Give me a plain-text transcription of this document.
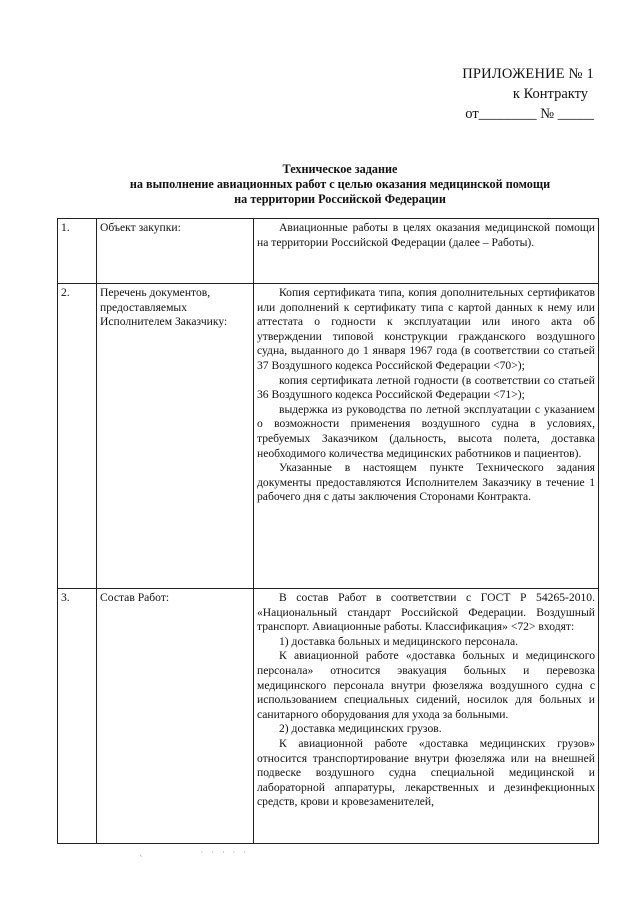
ПРИЛОЖЕНИЕ № 1
к Контракту
от________ № _____
Техническое задание
на выполнение авиационных работ с целью оказания медицинской помощи
на территории Российской Федерации
1.	Объект закупки:	Авиационные работы в целях оказания медицинской помощи на территории Российской Федерации (далее – Работы).

2.	Перечень документов, предоставляемых Исполнителем Заказчику:	Копия сертификата типа, копия дополнительных сертификатов или дополнений к сертификату типа с картой данных к нему или аттестата о годности к эксплуатации или иного акта об утверждении типовой конструкции гражданского воздушного судна, выданного до 1 января 1967 года (в соответствии со статьей 37 Воздушного кодекса Российской Федерации <70>);

копия сертификата летной годности (в соответствии со статьей 36 Воздушного кодекса Российской Федерации <71>);

выдержка из руководства по летной эксплуатации с указанием о возможности применения воздушного судна в условиях, требуемых Заказчиком (дальность, высота полета, доставка необходимого количества медицинских работников и пациентов).

Указанные в настоящем пункте Технического задания документы предоставляются Исполнителем Заказчику в течение 1 рабочего дня с даты заключения Сторонами Контракта.

3.	Состав Работ:	В состав Работ в соответствии с ГОСТ Р 54265-2010. «Национальный стандарт Российской Федерации. Воздушный транспорт. Авиационные работы. Классификация» <72> входят:

1) доставка больных и медицинского персонала.

К авиационной работе «доставка больных и медицинского персонала» относится эвакуация больных и перевозка медицинского персонала внутри фюзеляжа воздушного судна с использованием специальных сидений, носилок для больных и санитарного оборудования для ухода за больными.

2) доставка медицинских грузов.

К авиационной работе «доставка медицинских грузов» относится транспортирование внутри фюзеляжа или на внешней подвеске воздушного судна специальной медицинской и лабораторной аппаратуры, лекарственных и дезинфекционных средств, крови и кровезаменителей,

˛           · · · · ·
